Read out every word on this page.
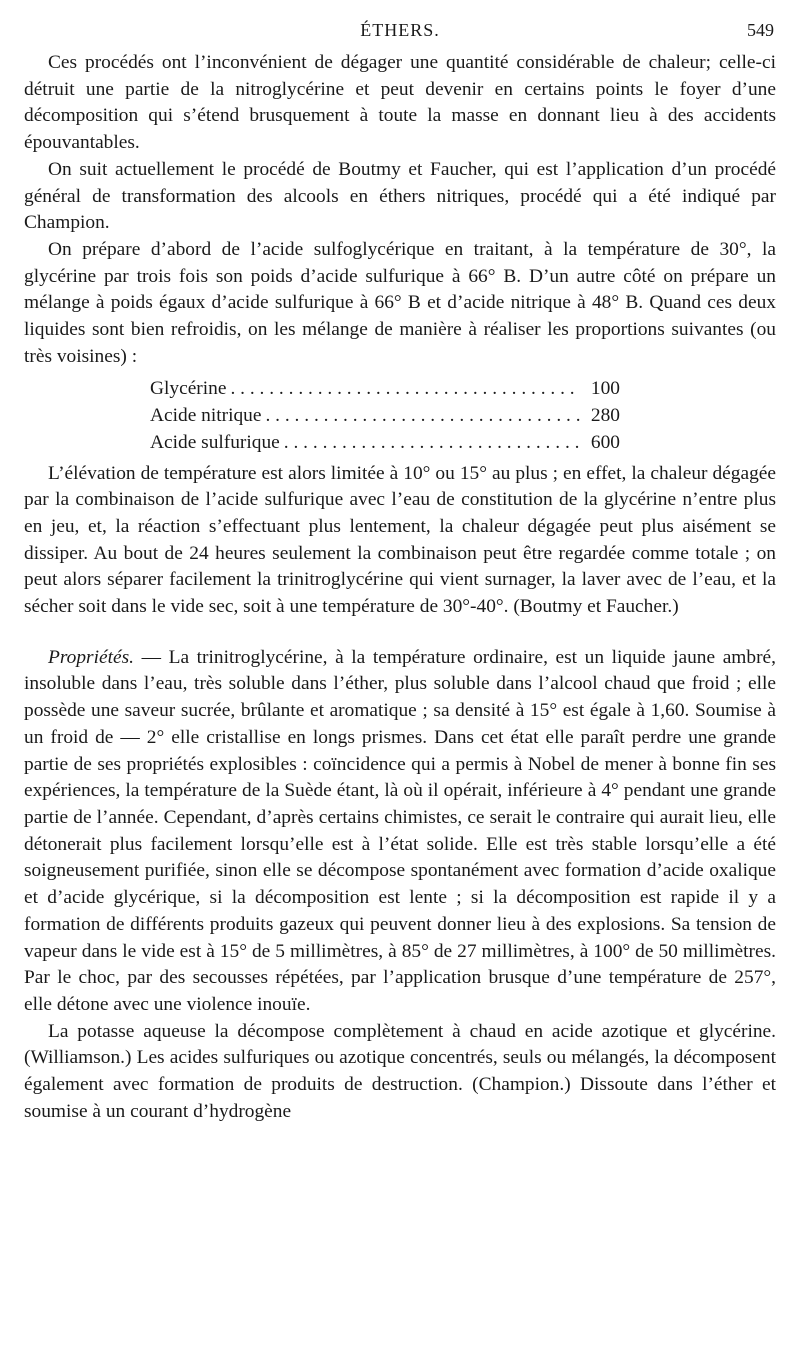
ÉTHERS.	549

Ces procédés ont l’inconvénient de dégager une quantité considérable de chaleur; celle-ci détruit une partie de la nitroglycérine et peut devenir en certains points le foyer d’une décomposition qui s’étend brusquement à toute la masse en donnant lieu à des accidents épouvantables.

On suit actuellement le procédé de Boutmy et Faucher, qui est l’application d’un procédé général de transformation des alcools en éthers nitriques, procédé qui a été indiqué par Champion.

On prépare d’abord de l’acide sulfoglycérique en traitant, à la température de 30°, la glycérine par trois fois son poids d’acide sulfurique à 66° B. D’un autre côté on prépare un mélange à poids égaux d’acide sulfurique à 66° B et d’acide nitrique à 48° B. Quand ces deux liquides sont bien refroidis, on les mélange de manière à réaliser les proportions suivantes (ou très voisines) :

Glycérine . . .	100
Acide nitrique . . .	280
Acide sulfurique . . .	600

L’élévation de température est alors limitée à 10° ou 15° au plus ; en effet, la chaleur dégagée par la combinaison de l’acide sulfurique avec l’eau de constitution de la glycérine n’entre plus en jeu, et, la réaction s’effectuant plus lentement, la chaleur dégagée peut plus aisément se dissiper. Au bout de 24 heures seulement la combinaison peut être regardée comme totale ; on peut alors séparer facilement la trinitroglycérine qui vient surnager, la laver avec de l’eau, et la sécher soit dans le vide sec, soit à une température de 30°-40°. (Boutmy et Faucher.)

Propriétés. — La trinitroglycérine, à la température ordinaire, est un liquide jaune ambré, insoluble dans l’eau, très soluble dans l’éther, plus soluble dans l’alcool chaud que froid ; elle possède une saveur sucrée, brûlante et aromatique ; sa densité à 15° est égale à 1,60. Soumise à un froid de — 2° elle cristallise en longs prismes. Dans cet état elle paraît perdre une grande partie de ses propriétés explosibles : coïncidence qui a permis à Nobel de mener à bonne fin ses expériences, la température de la Suède étant, là où il opérait, inférieure à 4° pendant une grande partie de l’année. Cependant, d’après certains chimistes, ce serait le contraire qui aurait lieu, elle détonerait plus facilement lorsqu’elle est à l’état solide. Elle est très stable lorsqu’elle a été soigneusement purifiée, sinon elle se décompose spontanément avec formation d’acide oxalique et d’acide glycérique, si la décomposition est lente ; si la décomposition est rapide il y a formation de différents produits gazeux qui peuvent donner lieu à des explosions. Sa tension de vapeur dans le vide est à 15° de 5 millimètres, à 85° de 27 millimètres, à 100° de 50 millimètres. Par le choc, par des secousses répétées, par l’application brusque d’une température de 257°, elle détone avec une violence inouïe.

La potasse aqueuse la décompose complètement à chaud en acide azotique et glycérine. (Williamson.) Les acides sulfuriques ou azotique concentrés, seuls ou mélangés, la décomposent également avec formation de produits de destruction. (Champion.) Dissoute dans l’éther et soumise à un courant d’hydrogène
